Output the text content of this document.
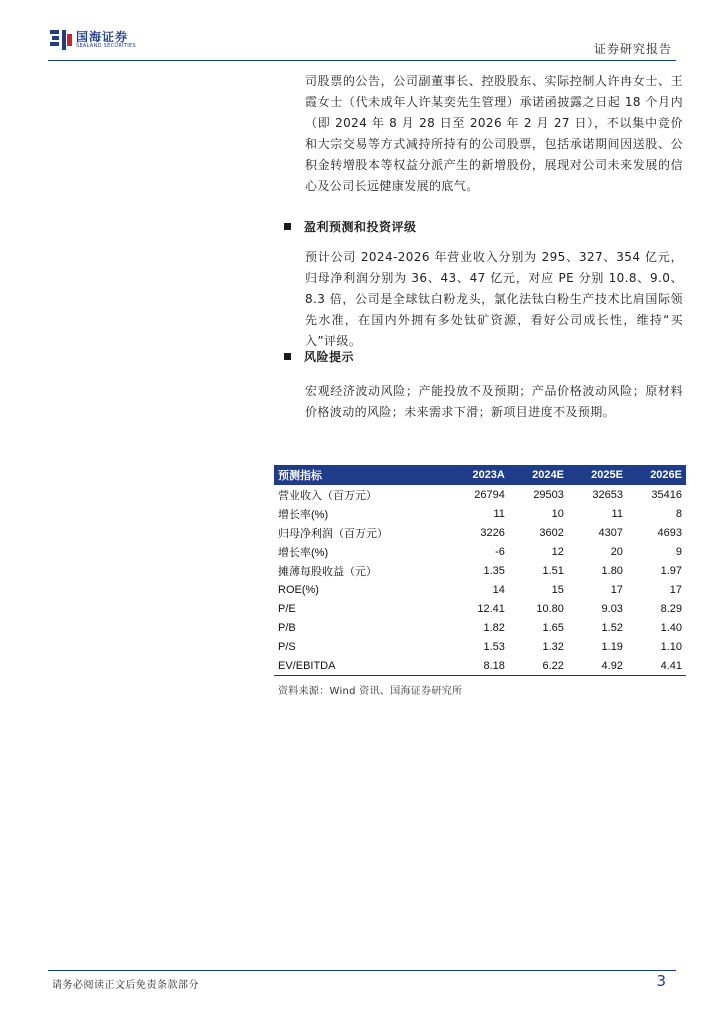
国海证券
SEALAND SECURITIES	证券研究报告

司股票的公告，公司副董事长、控股股东、实际控制人许冉女士、王霞女士（代未成年人许某奕先生管理）承诺函披露之日起 18 个月内（即 2024 年 8 月 28 日至 2026 年 2 月 27 日），不以集中竞价和大宗交易等方式减持所持有的公司股票，包括承诺期间因送股、公积金转增股本等权益分派产生的新增股份，展现对公司未来发展的信心及公司长远健康发展的底气。

盈利预测和投资评级

预计公司 2024-2026 年营业收入分别为 295、327、354 亿元，归母净利润分别为 36、43、47 亿元，对应 PE 分别 10.8、9.0、8.3 倍，公司是全球钛白粉龙头，氯化法钛白粉生产技术比肩国际领先水准，在国内外拥有多处钛矿资源，看好公司成长性，维持“买入”评级。

风险提示

宏观经济波动风险；产能投放不及预期；产品价格波动风险；原材料价格波动的风险；未来需求下滑；新项目进度不及预期。

预测指标	2023A	2024E	2025E	2026E
营业收入（百万元）	26794	29503	32653	35416
增长率(%)	11	10	11	8
归母净利润（百万元）	3226	3602	4307	4693
增长率(%)	-6	12	20	9
摊薄每股收益（元）	1.35	1.51	1.80	1.97
ROE(%)	14	15	17	17
P/E	12.41	10.80	9.03	8.29
P/B	1.82	1.65	1.52	1.40
P/S	1.53	1.32	1.19	1.10
EV/EBITDA	8.18	6.22	4.92	4.41
资料来源：Wind 资讯、国海证券研究所
请务必阅读正文后免责条款部分	3
